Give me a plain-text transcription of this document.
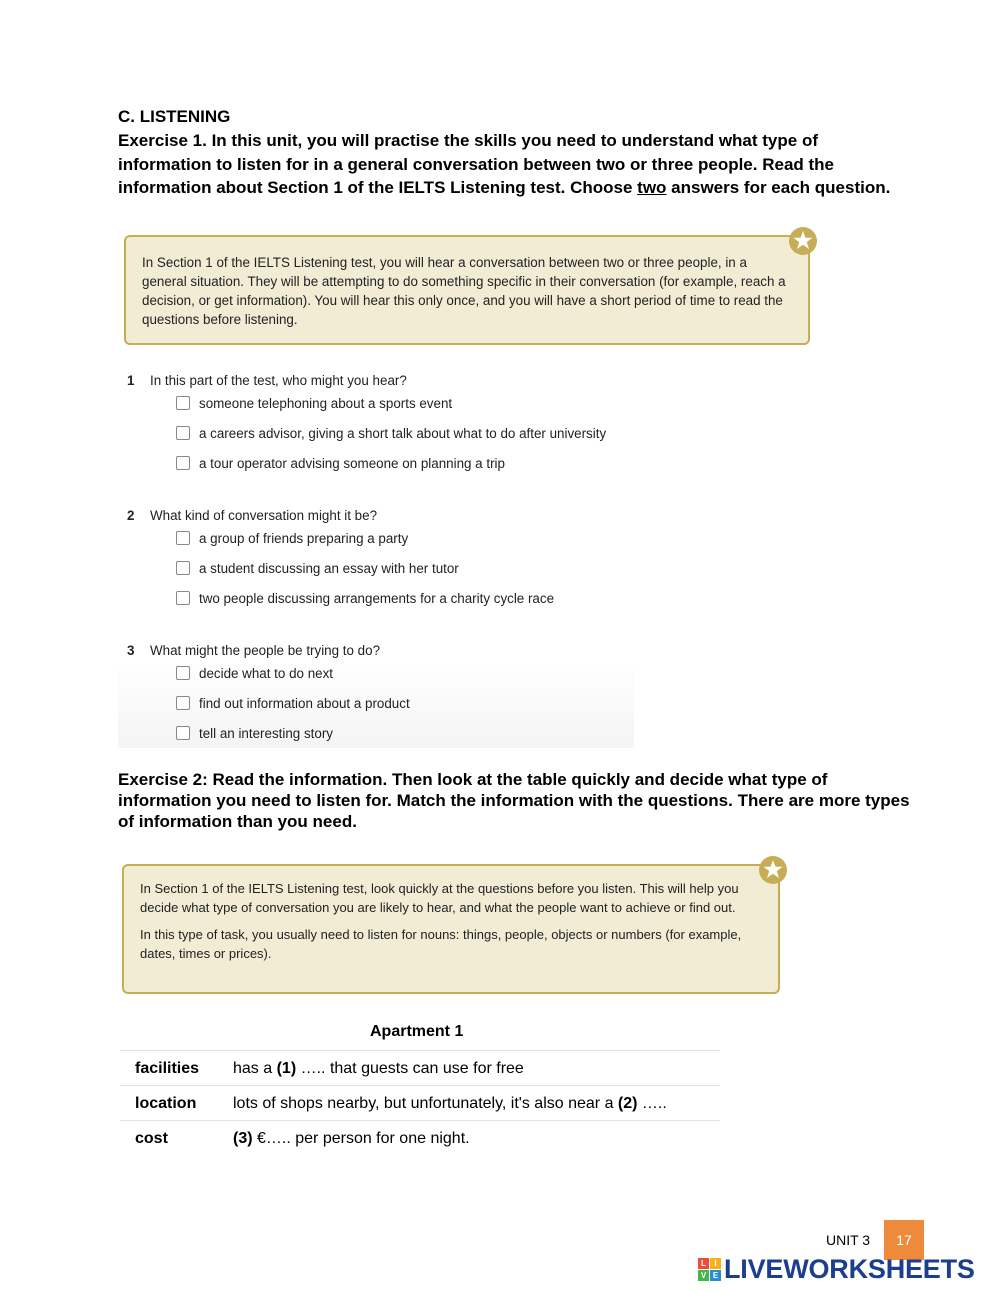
C. LISTENING
Exercise 1. In this unit, you will practise the skills you need to understand what type of information to listen for in a general conversation between two or three people. Read the information about Section 1 of the IELTS Listening test. Choose two answers for each question.

In Section 1 of the IELTS Listening test, you will hear a conversation between two or three people, in a general situation. They will be attempting to do something specific in their conversation (for example, reach a decision, or get information). You will hear this only once, and you will have a short period of time to read the questions before listening.

1 In this part of the test, who might you hear?
someone telephoning about a sports event
a careers advisor, giving a short talk about what to do after university
a tour operator advising someone on planning a trip
2 What kind of conversation might it be?
a group of friends preparing a party
a student discussing an essay with her tutor
two people discussing arrangements for a charity cycle race
3 What might the people be trying to do?
decide what to do next
find out information about a product
tell an interesting story
Exercise 2: Read the information. Then look at the table quickly and decide what type of information you need to listen for. Match the information with the questions. There are more types of information than you need.

In Section 1 of the IELTS Listening test, look quickly at the questions before you listen. This will help you decide what type of conversation you are likely to hear, and what the people want to achieve or find out.

In this type of task, you usually need to listen for nouns: things, people, objects or numbers (for example, dates, times or prices).

Apartment 1
facilities has a (1) ….. that guests can use for free
location lots of shops nearby, but unfortunately, it's also near a (2) …..
cost	(3) €….. per person for one night.
UNIT 3	17
L	I
V E LIVEWORKSHEETS
